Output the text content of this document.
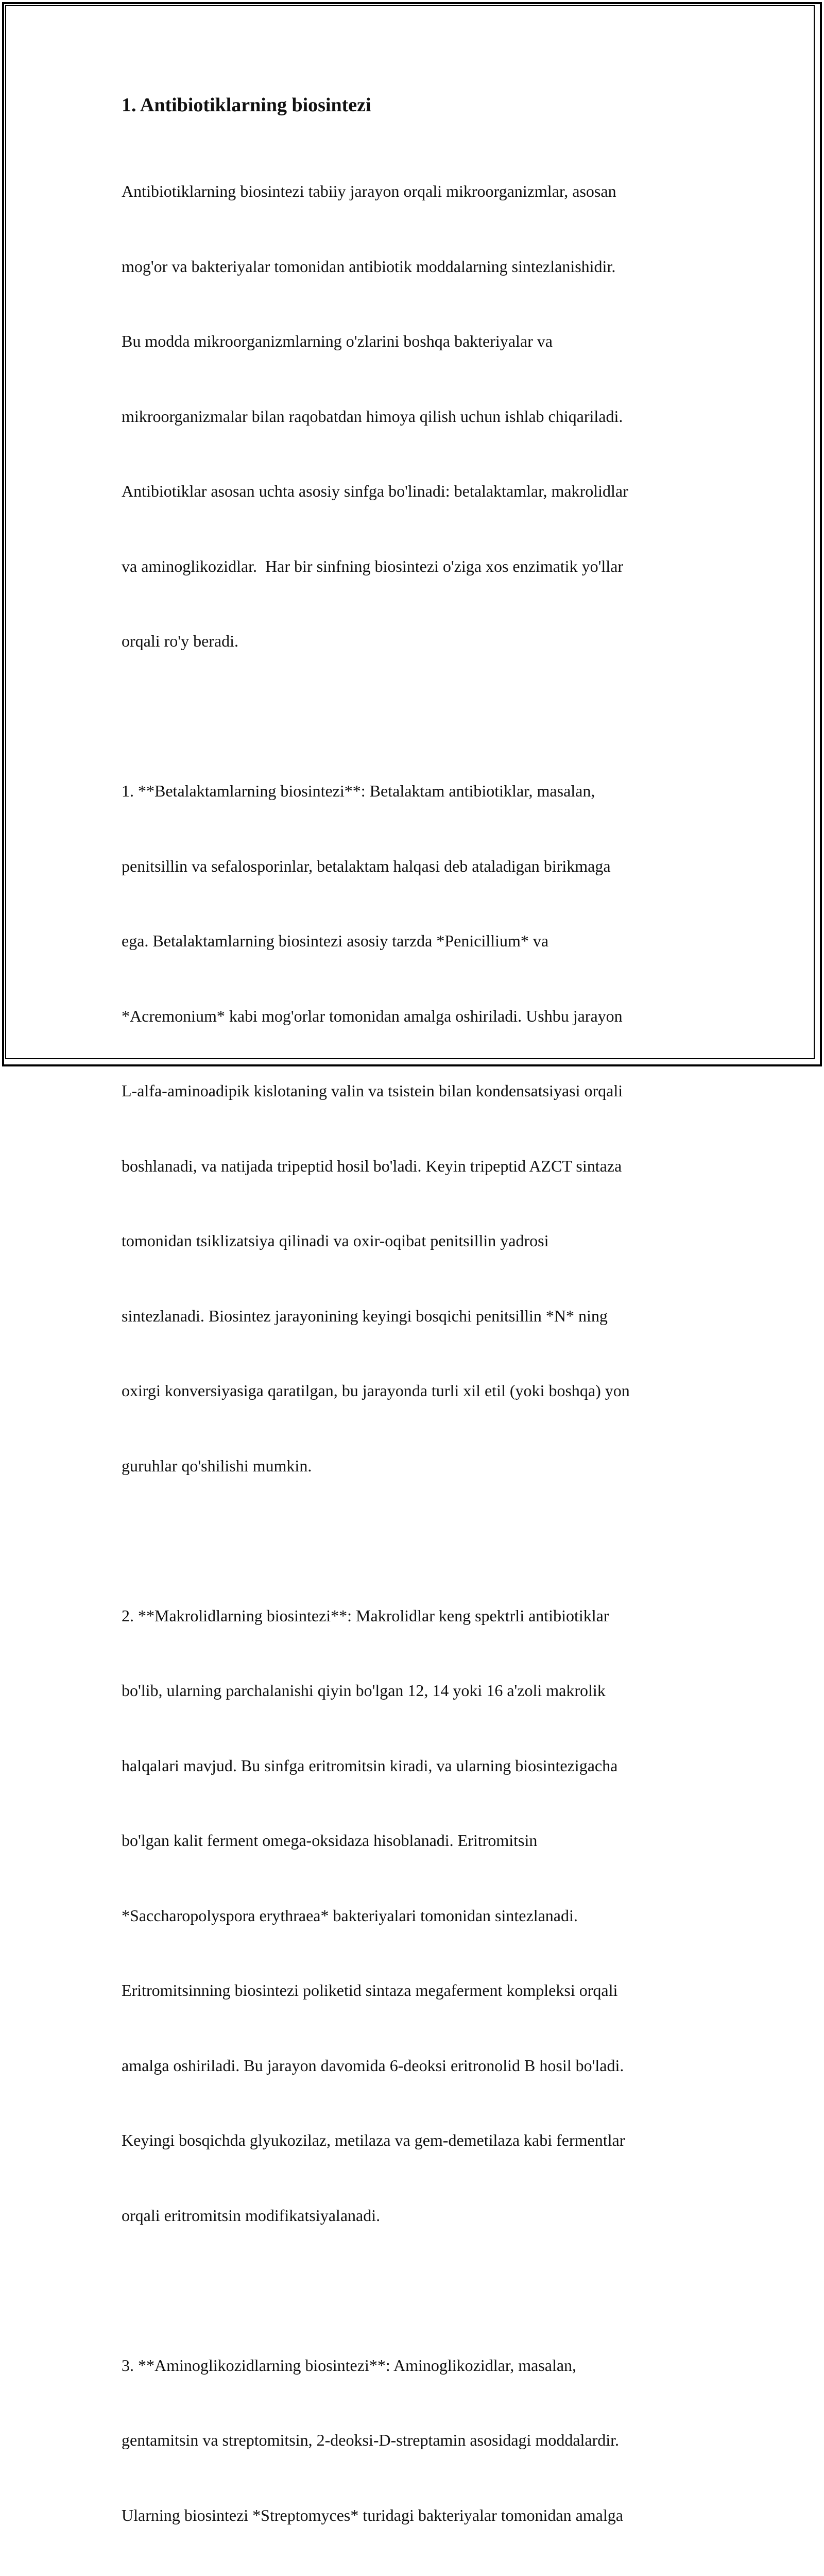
1. Antibiotiklarning biosintezi

Antibiotiklarning biosintezi tabiiy jarayon orqali mikroorganizmlar, asosan

mog'or va bakteriyalar tomonidan antibiotik moddalarning sintezlanishidir.

Bu modda mikroorganizmlarning o'zlarini boshqa bakteriyalar va

mikroorganizmalar bilan raqobatdan himoya qilish uchun ishlab chiqariladi.

Antibiotiklar asosan uchta asosiy sinfga bo'linadi: betalaktamlar, makrolidlar

va aminoglikozidlar.  Har bir sinfning biosintezi o'ziga xos enzimatik yo'llar

orqali ro'y beradi.

1. **Betalaktamlarning biosintezi**: Betalaktam antibiotiklar, masalan,

penitsillin va sefalosporinlar, betalaktam halqasi deb ataladigan birikmaga

ega. Betalaktamlarning biosintezi asosiy tarzda *Penicillium* va

*Acremonium* kabi mog'orlar tomonidan amalga oshiriladi. Ushbu jarayon

L-alfa-aminoadipik kislotaning valin va tsistein bilan kondensatsiyasi orqali

boshlanadi, va natijada tripeptid hosil bo'ladi. Keyin tripeptid AZCT sintaza

tomonidan tsiklizatsiya qilinadi va oxir-oqibat penitsillin yadrosi

sintezlanadi. Biosintez jarayonining keyingi bosqichi penitsillin *N* ning

oxirgi konversiyasiga qaratilgan, bu jarayonda turli xil etil (yoki boshqa) yon

guruhlar qo'shilishi mumkin.

2. **Makrolidlarning biosintezi**: Makrolidlar keng spektrli antibiotiklar

bo'lib, ularning parchalanishi qiyin bo'lgan 12, 14 yoki 16 a'zoli makrolik

halqalari mavjud. Bu sinfga eritromitsin kiradi, va ularning biosintezigacha

bo'lgan kalit ferment omega-oksidaza hisoblanadi. Eritromitsin

*Saccharopolyspora erythraea* bakteriyalari tomonidan sintezlanadi.

Eritromitsinning biosintezi poliketid sintaza megaferment kompleksi orqali

amalga oshiriladi. Bu jarayon davomida 6-deoksi eritronolid B hosil bo'ladi.

Keyingi bosqichda glyukozilaz, metilaza va gem-demetilaza kabi fermentlar

orqali eritromitsin modifikatsiyalanadi.

3. **Aminoglikozidlarning biosintezi**: Aminoglikozidlar, masalan,

gentamitsin va streptomitsin, 2-deoksi-D-streptamin asosidagi moddalardir.

Ularning biosintezi *Streptomyces* turidagi bakteriyalar tomonidan amalga
